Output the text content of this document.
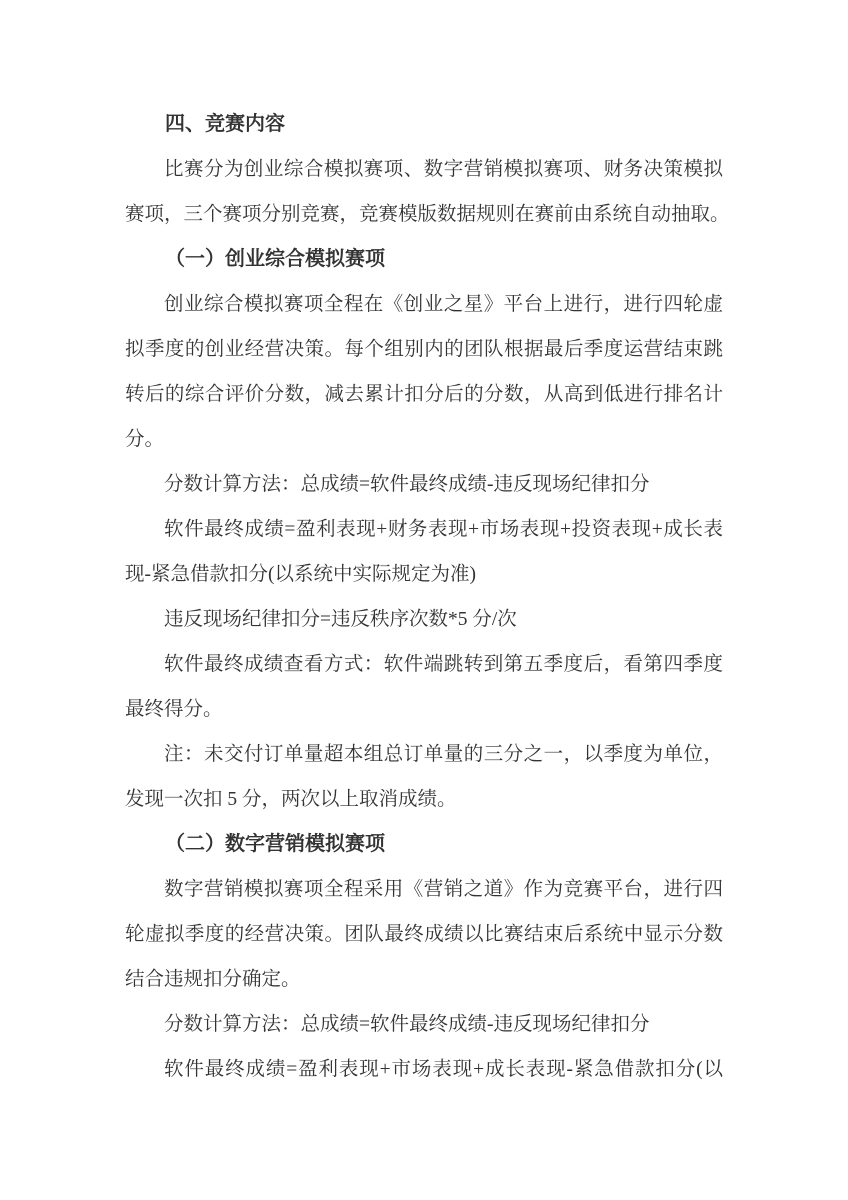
四、竞赛内容
比赛分为创业综合模拟赛项、数字营销模拟赛项、财务决策模拟
赛项，三个赛项分别竞赛，竞赛模版数据规则在赛前由系统自动抽取。
（一）创业综合模拟赛项
创业综合模拟赛项全程在《创业之星》平台上进行，进行四轮虚
拟季度的创业经营决策。每个组别内的团队根据最后季度运营结束跳
转后的综合评价分数，减去累计扣分后的分数，从高到低进行排名计
分。
分数计算方法：总成绩=软件最终成绩-违反现场纪律扣分
软件最终成绩=盈利表现+财务表现+市场表现+投资表现+成长表
现-紧急借款扣分(以系统中实际规定为准)
违反现场纪律扣分=违反秩序次数*5 分/次
软件最终成绩查看方式：软件端跳转到第五季度后，看第四季度
最终得分。
注：未交付订单量超本组总订单量的三分之一，以季度为单位，
发现一次扣 5 分，两次以上取消成绩。
（二）数字营销模拟赛项
数字营销模拟赛项全程采用《营销之道》作为竞赛平台，进行四
轮虚拟季度的经营决策。团队最终成绩以比赛结束后系统中显示分数
结合违规扣分确定。
分数计算方法：总成绩=软件最终成绩-违反现场纪律扣分
软件最终成绩=盈利表现+市场表现+成长表现-紧急借款扣分(以
